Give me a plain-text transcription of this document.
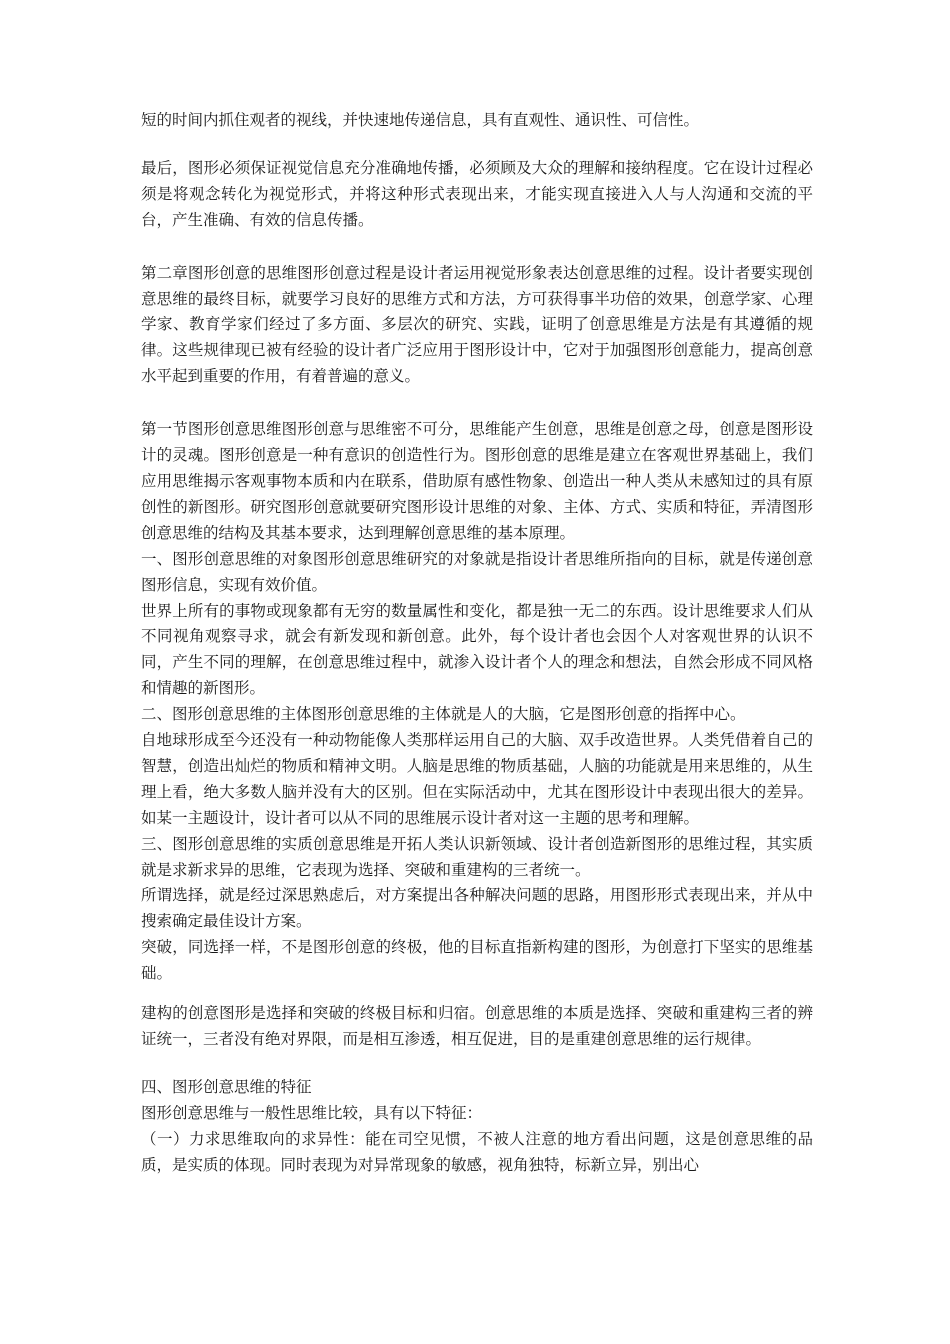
短的时间内抓住观者的视线，并快速地传递信息，具有直观性、通识性、可信性。

最后，图形必须保证视觉信息充分准确地传播，必须顾及大众的理解和接纳程度。它在设计过程必须是将观念转化为视觉形式，并将这种形式表现出来，才能实现直接进入人与人沟通和交流的平台，产生准确、有效的信息传播。

第二章图形创意的思维图形创意过程是设计者运用视觉形象表达创意思维的过程。设计者要实现创意思维的最终目标，就要学习良好的思维方式和方法，方可获得事半功倍的效果，创意学家、心理学家、教育学家们经过了多方面、多层次的研究、实践，证明了创意思维是方法是有其遵循的规律。这些规律现已被有经验的设计者广泛应用于图形设计中，它对于加强图形创意能力，提高创意水平起到重要的作用，有着普遍的意义。

第一节图形创意思维图形创意与思维密不可分，思维能产生创意，思维是创意之母，创意是图形设计的灵魂。图形创意是一种有意识的创造性行为。图形创意的思维是建立在客观世界基础上，我们应用思维揭示客观事物本质和内在联系，借助原有感性物象、创造出一种人类从未感知过的具有原创性的新图形。研究图形创意就要研究图形设计思维的对象、主体、方式、实质和特征，弄清图形创意思维的结构及其基本要求，达到理解创意思维的基本原理。

一、图形创意思维的对象图形创意思维研究的对象就是指设计者思维所指向的目标，就是传递创意图形信息，实现有效价值。

世界上所有的事物或现象都有无穷的数量属性和变化，都是独一无二的东西。设计思维要求人们从不同视角观察寻求，就会有新发现和新创意。此外，每个设计者也会因个人对客观世界的认识不同，产生不同的理解，在创意思维过程中，就渗入设计者个人的理念和想法，自然会形成不同风格和情趣的新图形。

二、图形创意思维的主体图形创意思维的主体就是人的大脑，它是图形创意的指挥中心。

自地球形成至今还没有一种动物能像人类那样运用自己的大脑、双手改造世界。人类凭借着自己的智慧，创造出灿烂的物质和精神文明。人脑是思维的物质基础，人脑的功能就是用来思维的，从生理上看，绝大多数人脑并没有大的区别。但在实际活动中，尤其在图形设计中表现出很大的差异。如某一主题设计，设计者可以从不同的思维展示设计者对这一主题的思考和理解。

三、图形创意思维的实质创意思维是开拓人类认识新领域、设计者创造新图形的思维过程，其实质就是求新求异的思维，它表现为选择、突破和重建构的三者统一。

所谓选择，就是经过深思熟虑后，对方案提出各种解决问题的思路，用图形形式表现出来，并从中搜索确定最佳设计方案。

突破，同选择一样，不是图形创意的终极，他的目标直指新构建的图形，为创意打下坚实的思维基础。

建构的创意图形是选择和突破的终极目标和归宿。创意思维的本质是选择、突破和重建构三者的辨证统一，三者没有绝对界限，而是相互渗透，相互促进，目的是重建创意思维的运行规律。

四、图形创意思维的特征

图形创意思维与一般性思维比较，具有以下特征：

（一）力求思维取向的求异性：能在司空见惯，不被人注意的地方看出问题，这是创意思维的品质，是实质的体现。同时表现为对异常现象的敏感，视角独特，标新立异，别出心
